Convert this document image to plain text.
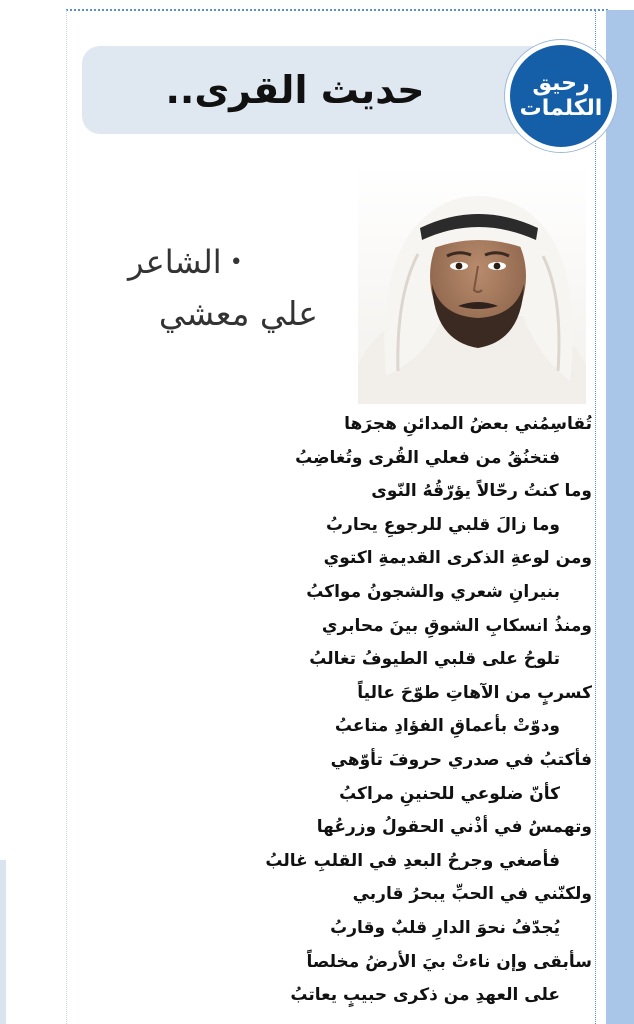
حديث القرى..	رحيق
الكلمات
•
الشاعر
علي معشي
تُقاسِمُني بعضُ المدائنِ هجرَها
فتخنُقُ من فعلي القُرى وتُغاضِبُ
وما كنتُ رحّالاً يؤرّقُهُ النّوى
وما زالَ قلبي للرجوعِ يحاربُ
ومن لوعةِ الذكرى القديمةِ اكتوي
بنيرانِ شعري والشجونُ مواكبُ
ومنذُ انسكابِ الشوقِ بينَ محابري
تلوحُ على قلبي الطيوفُ تغالبُ
كسربٍ من الآهاتِ طوّحَ عالياً
ودوّتْ بأعماقِ الفؤادِ متاعبُ
فأكتبُ في صدري حروفَ تأوّهي
كأنّ ضلوعي للحنينِ مراكبُ
وتهمسُ في أذْني الحقولُ وزرعُها
فأصغي وجرحُ البعدِ في القلبِ غالبُ
ولكنّني في الحبِّ يبحرُ قاربي
يُجدّفُ نحوَ الدارِ قلبٌ وقاربُ
سأبقى وإن ناءتْ بيَ الأرضُ مخلصاً
على العهدِ من ذكرى حبيبٍ يعاتبُ
